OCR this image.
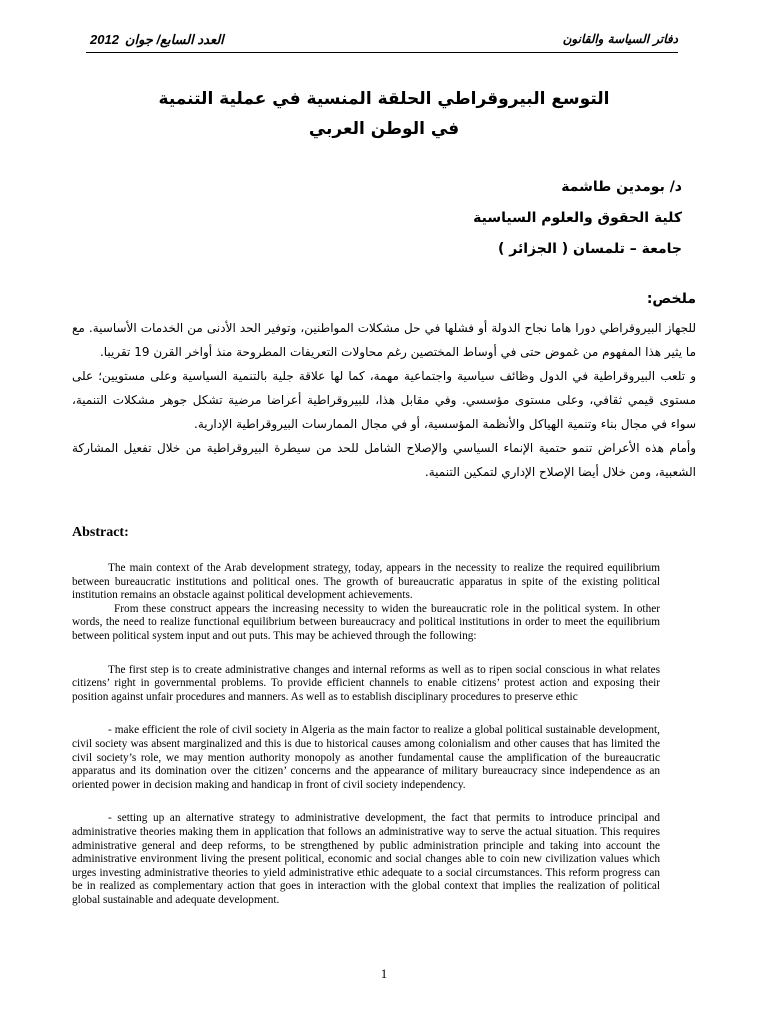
2012 العدد السابع/ جوان	دفاتر السياسة والقانون
التوسع البيروقراطي الحلقة المنسية في عملية التنمية
في الوطن العربي
د/ بومدين طاشمة
كلية الحقوق والعلوم السياسية
جامعة – تلمسان ( الجزائر )
ملخص:

للجهاز البيروقراطي دورا هاما نجاح الدولة أو فشلها في حل مشكلات المواطنين، وتوفير الحد الأدنى من الخدمات الأساسية. مع ما يثير هذا المفهوم من غموض حتى في أوساط المختصين رغم محاولات التعريفات المطروحة منذ أواخر القرن 19 تقريبا.

و تلعب البيروقراطية في الدول وظائف سياسية واجتماعية مهمة، كما لها علاقة جلية بالتنمية السياسية وعلى مستويين؛ على مستوى قيمي ثقافي، وعلى مستوى مؤسسي. وفي مقابل هذا، للبيروقراطية أعراضا مرضية تشكل جوهر مشكلات التنمية، سواء في مجال بناء وتنمية الهياكل والأنظمة المؤسسية، أو في مجال الممارسات البيروقراطية الإدارية.

وأمام هذه الأعراض تنمو حتمية الإنماء السياسي والإصلاح الشامل للحد من سيطرة البيروقراطية من خلال تفعيل المشاركة الشعبية، ومن خلال أيضا الإصلاح الإداري لتمكين التنمية.

Abstract:

The main context of the Arab development strategy, today, appears in the necessity to realize the required equilibrium between bureaucratic institutions and political ones. The growth of bureaucratic apparatus in spite of the existing political institution remains an obstacle against political development achievements.

From these construct appears the increasing necessity to widen the bureaucratic role in the political system. In other words, the need to realize functional equilibrium between bureaucracy and political institutions in order to meet the equilibrium between political system input and out puts. This may be achieved through the following:

The first step is to create administrative changes and internal reforms as well as to ripen social conscious in what relates citizens’ right in governmental problems. To provide efficient channels to enable citizens’ protest action and exposing their position against unfair procedures and manners. As well as to establish disciplinary procedures to preserve ethic

- make efficient the role of civil society in Algeria as the main factor to realize a global political sustainable development, civil society was absent marginalized and this is due to historical causes among colonialism and other causes that has limited the civil society’s role, we may mention authority monopoly as another fundamental cause the amplification of the bureaucratic apparatus and its domination over the citizen’ concerns and the appearance of military bureaucracy since independence as an oriented power in decision making and handicap in front of civil society independency.

- setting up an alternative strategy to administrative development, the fact that permits to introduce principal and administrative theories making them in application that follows an administrative way to serve the actual situation. This requires administrative general and deep reforms, to be strengthened by public administration principle and taking into account the administrative environment living the present political, economic and social changes able to coin new civilization values which urges investing administrative theories to yield administrative ethic adequate to a social circumstances. This reform progress can be in realized as complementary action that goes in interaction with the global context that implies the realization of political global sustainable and adequate development.

1
